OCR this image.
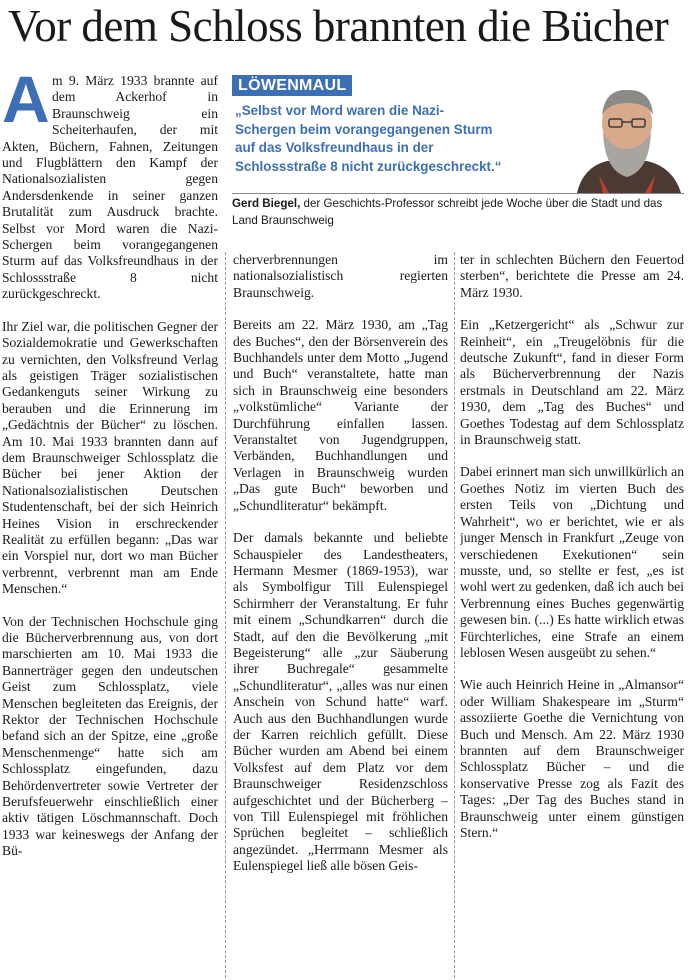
Vor dem Schloss brannten die Bücher

Am 9. März 1933 brannte auf dem Ackerhof in Braunschweig ein Scheiterhaufen, der mit Akten, Büchern, Fahnen, Zeitungen und Flugblättern den Kampf der Nationalsozialisten gegen Andersdenkende in seiner ganzen Brutalität zum Ausdruck brachte. Selbst vor Mord waren die Nazi-Schergen beim vorangegangenen Sturm auf das Volksfreundhaus in der Schlossstraße 8 nicht zurückgeschreckt.

Ihr Ziel war, die politischen Gegner der Sozialdemokratie und Gewerkschaften zu vernichten, den Volksfreund Verlag als geistigen Träger sozialistischen Gedankenguts seiner Wirkung zu berauben und die Erinnerung im „Gedächtnis der Bücher“ zu löschen. Am 10. Mai 1933 brannten dann auf dem Braunschweiger Schlossplatz die Bücher bei jener Aktion der Nationalsozialistischen Deutschen Studentenschaft, bei der sich Heinrich Heines Vision in erschreckender Realität zu erfüllen begann: „Das war ein Vorspiel nur, dort wo man Bücher verbrennt, verbrennt man am Ende Menschen.“

Von der Technischen Hochschule ging die Bücherverbrennung aus, von dort marschierten am 10. Mai 1933 die Bannerträger gegen den undeutschen Geist zum Schlossplatz, viele Menschen begleiteten das Ereignis, der Rektor der Technischen Hochschule befand sich an der Spitze, eine „große Menschenmenge“ hatte sich am Schlossplatz eingefunden, dazu Behördenvertreter sowie Vertreter der Berufsfeuerwehr einschließlich einer aktiv tätigen Löschmannschaft. Doch 1933 war keineswegs der Anfang der Bü-

LÖWENMAUL
„Selbst vor Mord waren die Nazi-Schergen beim vorangegangenen Sturm auf das Volksfreundhaus in der Schlossstraße 8 nicht zurückgeschreckt.“
Gerd Biegel, der Geschichts-Professor schreibt jede Woche über die Stadt und das Land Braunschweig

cherverbrennungen im nationalsozialistisch regierten Braunschweig.

Bereits am 22. März 1930, am „Tag des Buches“, den der Börsenverein des Buchhandels unter dem Motto „Jugend und Buch“ veranstaltete, hatte man sich in Braunschweig eine besonders „volkstümliche“ Variante der Durchführung einfallen lassen. Veranstaltet von Jugendgruppen, Verbänden, Buchhandlungen und Verlagen in Braunschweig wurden „Das gute Buch“ beworben und „Schundliteratur“ bekämpft.

Der damals bekannte und beliebte Schauspieler des Landestheaters, Hermann Mesmer (1869-1953), war als Symbolfigur Till Eulenspiegel Schirmherr der Veranstaltung. Er fuhr mit einem „Schundkarren“ durch die Stadt, auf den die Bevölkerung „mit Begeisterung“ alle „zur Säuberung ihrer Buchregale“ gesammelte „Schundliteratur“, „alles was nur einen Anschein von Schund hatte“ warf. Auch aus den Buchhandlungen wurde der Karren reichlich gefüllt. Diese Bücher wurden am Abend bei einem Volksfest auf dem Platz vor dem Braunschweiger Residenzschloss aufgeschichtet und der Bücherberg – von Till Eulenspiegel mit fröhlichen Sprüchen begleitet – schließlich angezündet. „Herrmann Mesmer als Eulenspiegel ließ alle bösen Geis-

ter in schlechten Büchern den Feuertod sterben“, berichtete die Presse am 24. März 1930.

Ein „Ketzergericht“ als „Schwur zur Reinheit“, ein „Treugelöbnis für die deutsche Zukunft“, fand in dieser Form als Bücherverbrennung der Nazis erstmals in Deutschland am 22. März 1930, dem „Tag des Buches“ und Goethes Todestag auf dem Schlossplatz in Braunschweig statt.

Dabei erinnert man sich unwillkürlich an Goethes Notiz im vierten Buch des ersten Teils von „Dichtung und Wahrheit“, wo er berichtet, wie er als junger Mensch in Frankfurt „Zeuge von verschiedenen Exekutionen“ sein musste, und, so stellte er fest, „es ist wohl wert zu gedenken, daß ich auch bei Verbrennung eines Buches gegenwärtig gewesen bin. (...) Es hatte wirklich etwas Fürchterliches, eine Strafe an einem leblosen Wesen ausgeübt zu sehen.“

Wie auch Heinrich Heine in „Almansor“ oder William Shakespeare im „Sturm“ assoziierte Goethe die Vernichtung von Buch und Mensch. Am 22. März 1930 brannten auf dem Braunschweiger Schlossplatz Bücher – und die konservative Presse zog als Fazit des Tages: „Der Tag des Buches stand in Braunschweig unter einem günstigen Stern.“
